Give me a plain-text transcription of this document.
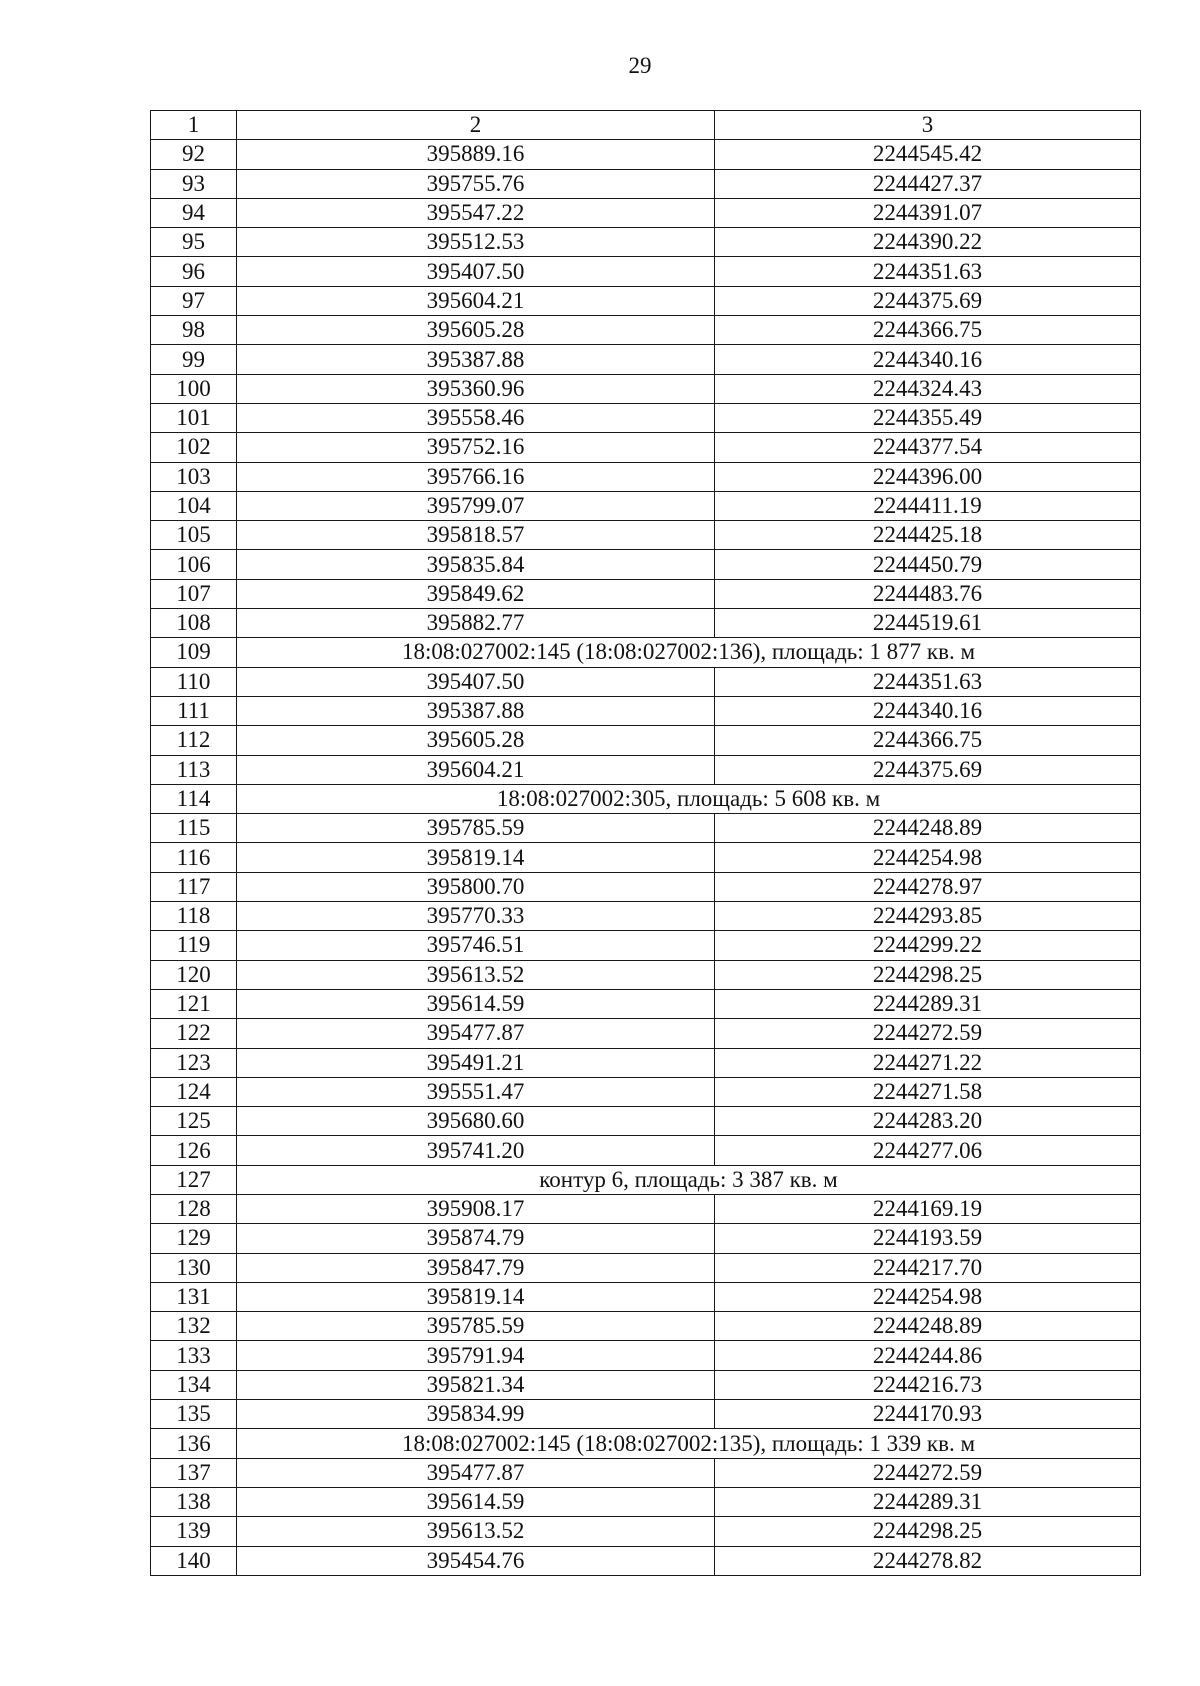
29
1	2	3
92	395889.16	2244545.42
93	395755.76	2244427.37
94	395547.22	2244391.07
95	395512.53	2244390.22
96	395407.50	2244351.63
97	395604.21	2244375.69
98	395605.28	2244366.75
99	395387.88	2244340.16
100	395360.96	2244324.43
101	395558.46	2244355.49
102	395752.16	2244377.54
103	395766.16	2244396.00
104	395799.07	2244411.19
105	395818.57	2244425.18
106	395835.84	2244450.79
107	395849.62	2244483.76
108	395882.77	2244519.61
109	18:08:027002:145 (18:08:027002:136), площадь: 1 877 кв. м	
110	395407.50	2244351.63
111	395387.88	2244340.16
112	395605.28	2244366.75
113	395604.21	2244375.69
114	18:08:027002:305, площадь: 5 608 кв. м	
115	395785.59	2244248.89
116	395819.14	2244254.98
117	395800.70	2244278.97
118	395770.33	2244293.85
119	395746.51	2244299.22
120	395613.52	2244298.25
121	395614.59	2244289.31
122	395477.87	2244272.59
123	395491.21	2244271.22
124	395551.47	2244271.58
125	395680.60	2244283.20
126	395741.20	2244277.06
127	контур 6, площадь: 3 387 кв. м	
128	395908.17	2244169.19
129	395874.79	2244193.59
130	395847.79	2244217.70
131	395819.14	2244254.98
132	395785.59	2244248.89
133	395791.94	2244244.86
134	395821.34	2244216.73
135	395834.99	2244170.93
136	18:08:027002:145 (18:08:027002:135), площадь: 1 339 кв. м	
137	395477.87	2244272.59
138	395614.59	2244289.31
139	395613.52	2244298.25
140	395454.76	2244278.82
